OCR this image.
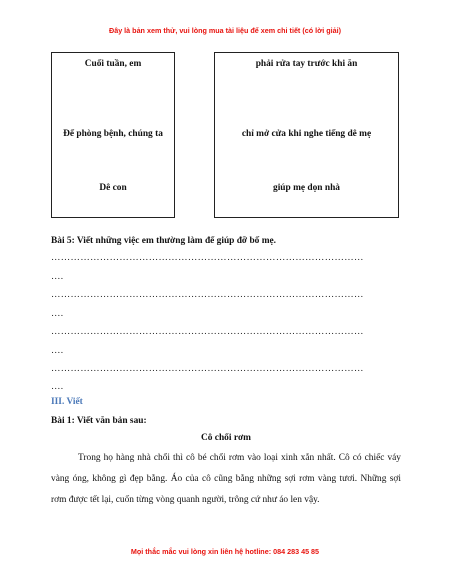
Đây là bản xem thử, vui lòng mua tài liệu để xem chi tiết (có lời giải)
Cuối tuần, em
Để phòng bệnh, chúng ta
Dê con
phải rửa tay trước khi ăn
chỉ mở cửa khi nghe tiếng dê mẹ
giúp mẹ dọn nhà
Bài 5: Viết những việc em thường làm để giúp đỡ bố mẹ.
……………………………………………………………………………………
….
……………………………………………………………………………………
….
……………………………………………………………………………………
….
……………………………………………………………………………………
….
III. Viết
Bài 1: Viết văn bản sau:
Cô chổi rơm
Trong họ hàng nhà chổi thì cô bé chổi rơm vào loại xinh xắn nhất. Cô có chiếc váy vàng óng, không gì đẹp bằng. Áo của cô cũng bằng những sợi rơm vàng tươi. Những sợi rơm được tết lại, cuốn từng vòng quanh người, trông cứ như áo len vậy.
Mọi thắc mắc vui lòng xin liên hệ hotline: 084 283 45 85
